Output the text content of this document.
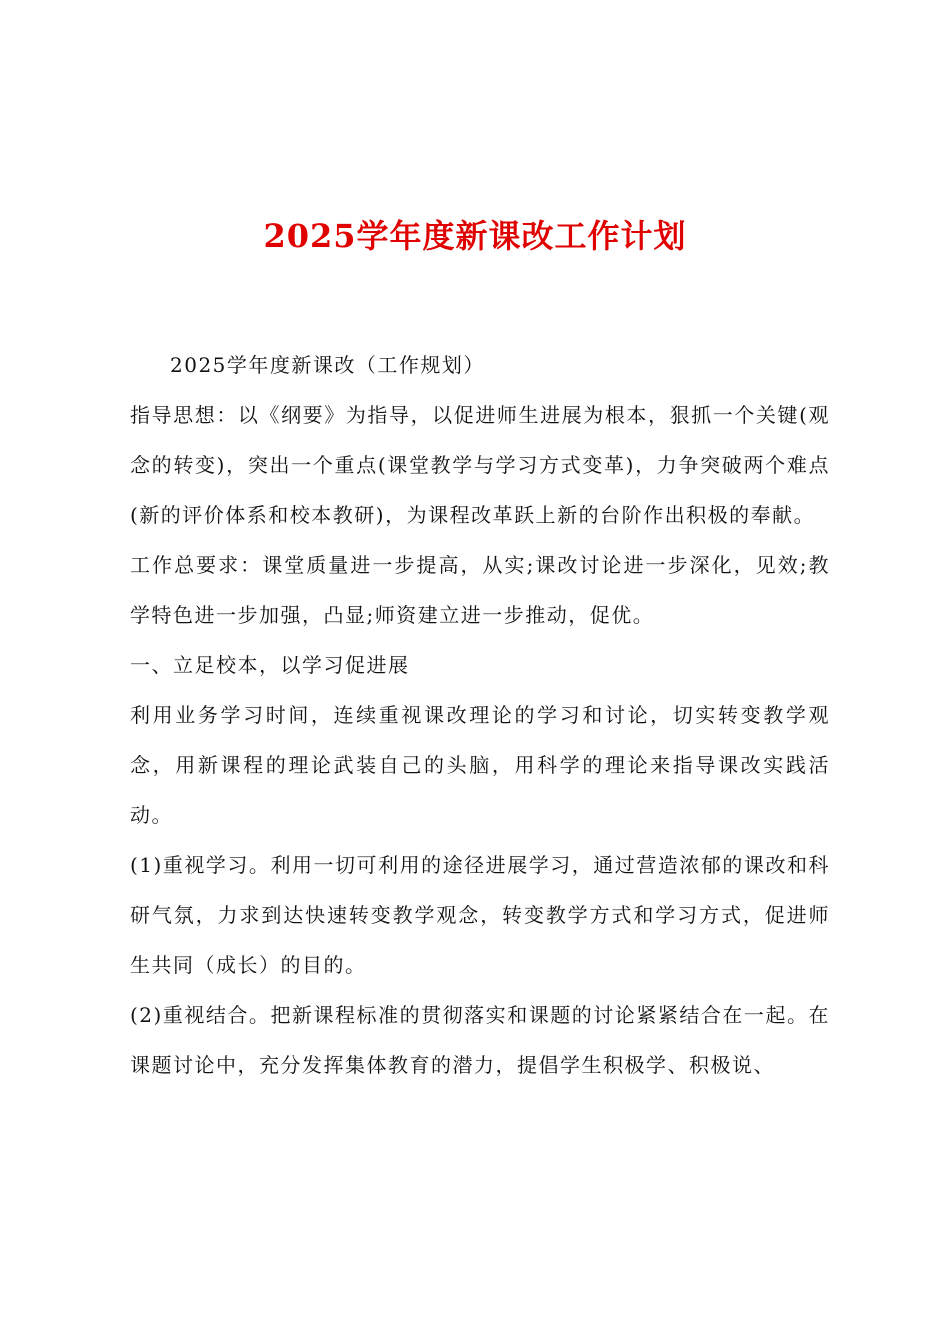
2025学年度新课改工作计划

2025学年度新课改（工作规划）

指导思想：以《纲要》为指导，以促进师生进展为根本，狠抓一个关键(观念的转变)，突出一个重点(课堂教学与学习方式变革)，力争突破两个难点(新的评价体系和校本教研)，为课程改革跃上新的台阶作出积极的奉献。

工作总要求：课堂质量进一步提高，从实;课改讨论进一步深化，见效;教学特色进一步加强，凸显;师资建立进一步推动，促优。

一、立足校本，以学习促进展

利用业务学习时间，连续重视课改理论的学习和讨论，切实转变教学观念，用新课程的理论武装自己的头脑，用科学的理论来指导课改实践活动。

(1)重视学习。利用一切可利用的途径进展学习，通过营造浓郁的课改和科研气氛，力求到达快速转变教学观念，转变教学方式和学习方式，促进师生共同（成长）的目的。

(2)重视结合。把新课程标准的贯彻落实和课题的讨论紧紧结合在一起。在课题讨论中，充分发挥集体教育的潜力，提倡学生积极学、积极说、
